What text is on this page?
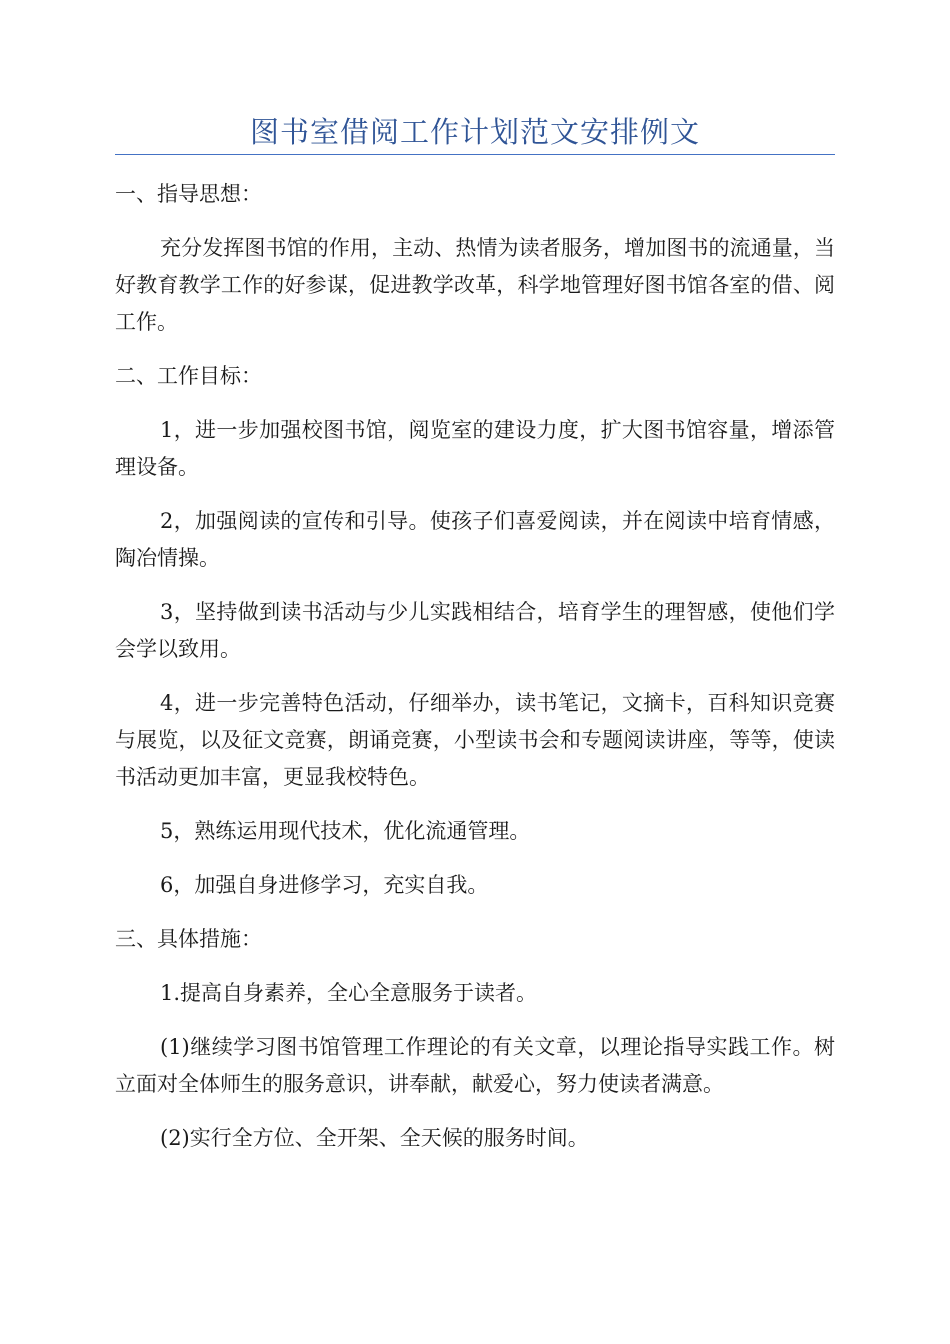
图书室借阅工作计划范文安排例文

一、指导思想：

充分发挥图书馆的作用，主动、热情为读者服务，增加图书的流通量，当好教育教学工作的好参谋，促进教学改革，科学地管理好图书馆各室的借、阅工作。

二、工作目标：

1，进一步加强校图书馆，阅览室的建设力度，扩大图书馆容量，增添管理设备。

2，加强阅读的宣传和引导。使孩子们喜爱阅读，并在阅读中培育情感，陶冶情操。

3，坚持做到读书活动与少儿实践相结合，培育学生的理智感，使他们学会学以致用。

4，进一步完善特色活动，仔细举办，读书笔记，文摘卡，百科知识竞赛与展览，以及征文竞赛，朗诵竞赛，小型读书会和专题阅读讲座，等等，使读书活动更加丰富，更显我校特色。

5，熟练运用现代技术，优化流通管理。

6，加强自身进修学习，充实自我。

三、具体措施：

1.提高自身素养，全心全意服务于读者。

(1)继续学习图书馆管理工作理论的有关文章，以理论指导实践工作。树立面对全体师生的服务意识，讲奉献，献爱心，努力使读者满意。

(2)实行全方位、全开架、全天候的服务时间。
